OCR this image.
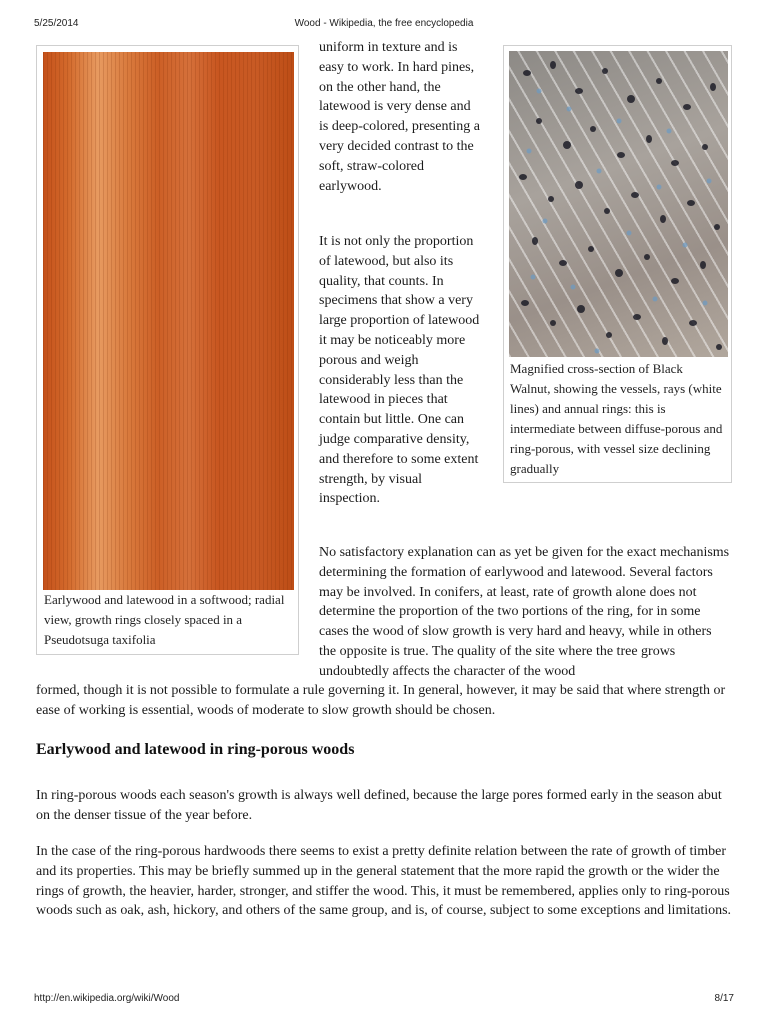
5/25/2014	Wood - Wikipedia, the free encyclopedia
Earlywood and latewood in a softwood; radial view, growth rings closely spaced in a Pseudotsuga taxifolia

uniform in texture and is easy to work. In hard pines, on the other hand, the latewood is very dense and is deep-colored, presenting a very decided contrast to the soft, straw-colored earlywood.

It is not only the proportion of latewood, but also its quality, that counts. In specimens that show a very large proportion of latewood it may be noticeably more porous and weigh considerably less than the latewood in pieces that contain but little. One can judge comparative density, and therefore to some extent strength, by visual inspection.

Magnified cross-section of Black Walnut, showing the vessels, rays (white lines) and annual rings: this is intermediate between diffuse-porous and ring-porous, with vessel size declining gradually

No satisfactory explanation can as yet be given for the exact mechanisms determining the formation of earlywood and latewood. Several factors may be involved. In conifers, at least, rate of growth alone does not determine the proportion of the two portions of the ring, for in some cases the wood of slow growth is very hard and heavy, while in others the opposite is true. The quality of the site where the tree grows undoubtedly affects the character of the wood

formed, though it is not possible to formulate a rule governing it. In general, however, it may be said that where strength or ease of working is essential, woods of moderate to slow growth should be chosen.

Earlywood and latewood in ring-porous woods

In ring-porous woods each season's growth is always well defined, because the large pores formed early in the season abut on the denser tissue of the year before.

In the case of the ring-porous hardwoods there seems to exist a pretty definite relation between the rate of growth of timber and its properties. This may be briefly summed up in the general statement that the more rapid the growth or the wider the rings of growth, the heavier, harder, stronger, and stiffer the wood. This, it must be remembered, applies only to ring-porous woods such as oak, ash, hickory, and others of the same group, and is, of course, subject to some exceptions and limitations.

http://en.wikipedia.org/wiki/Wood	8/17
